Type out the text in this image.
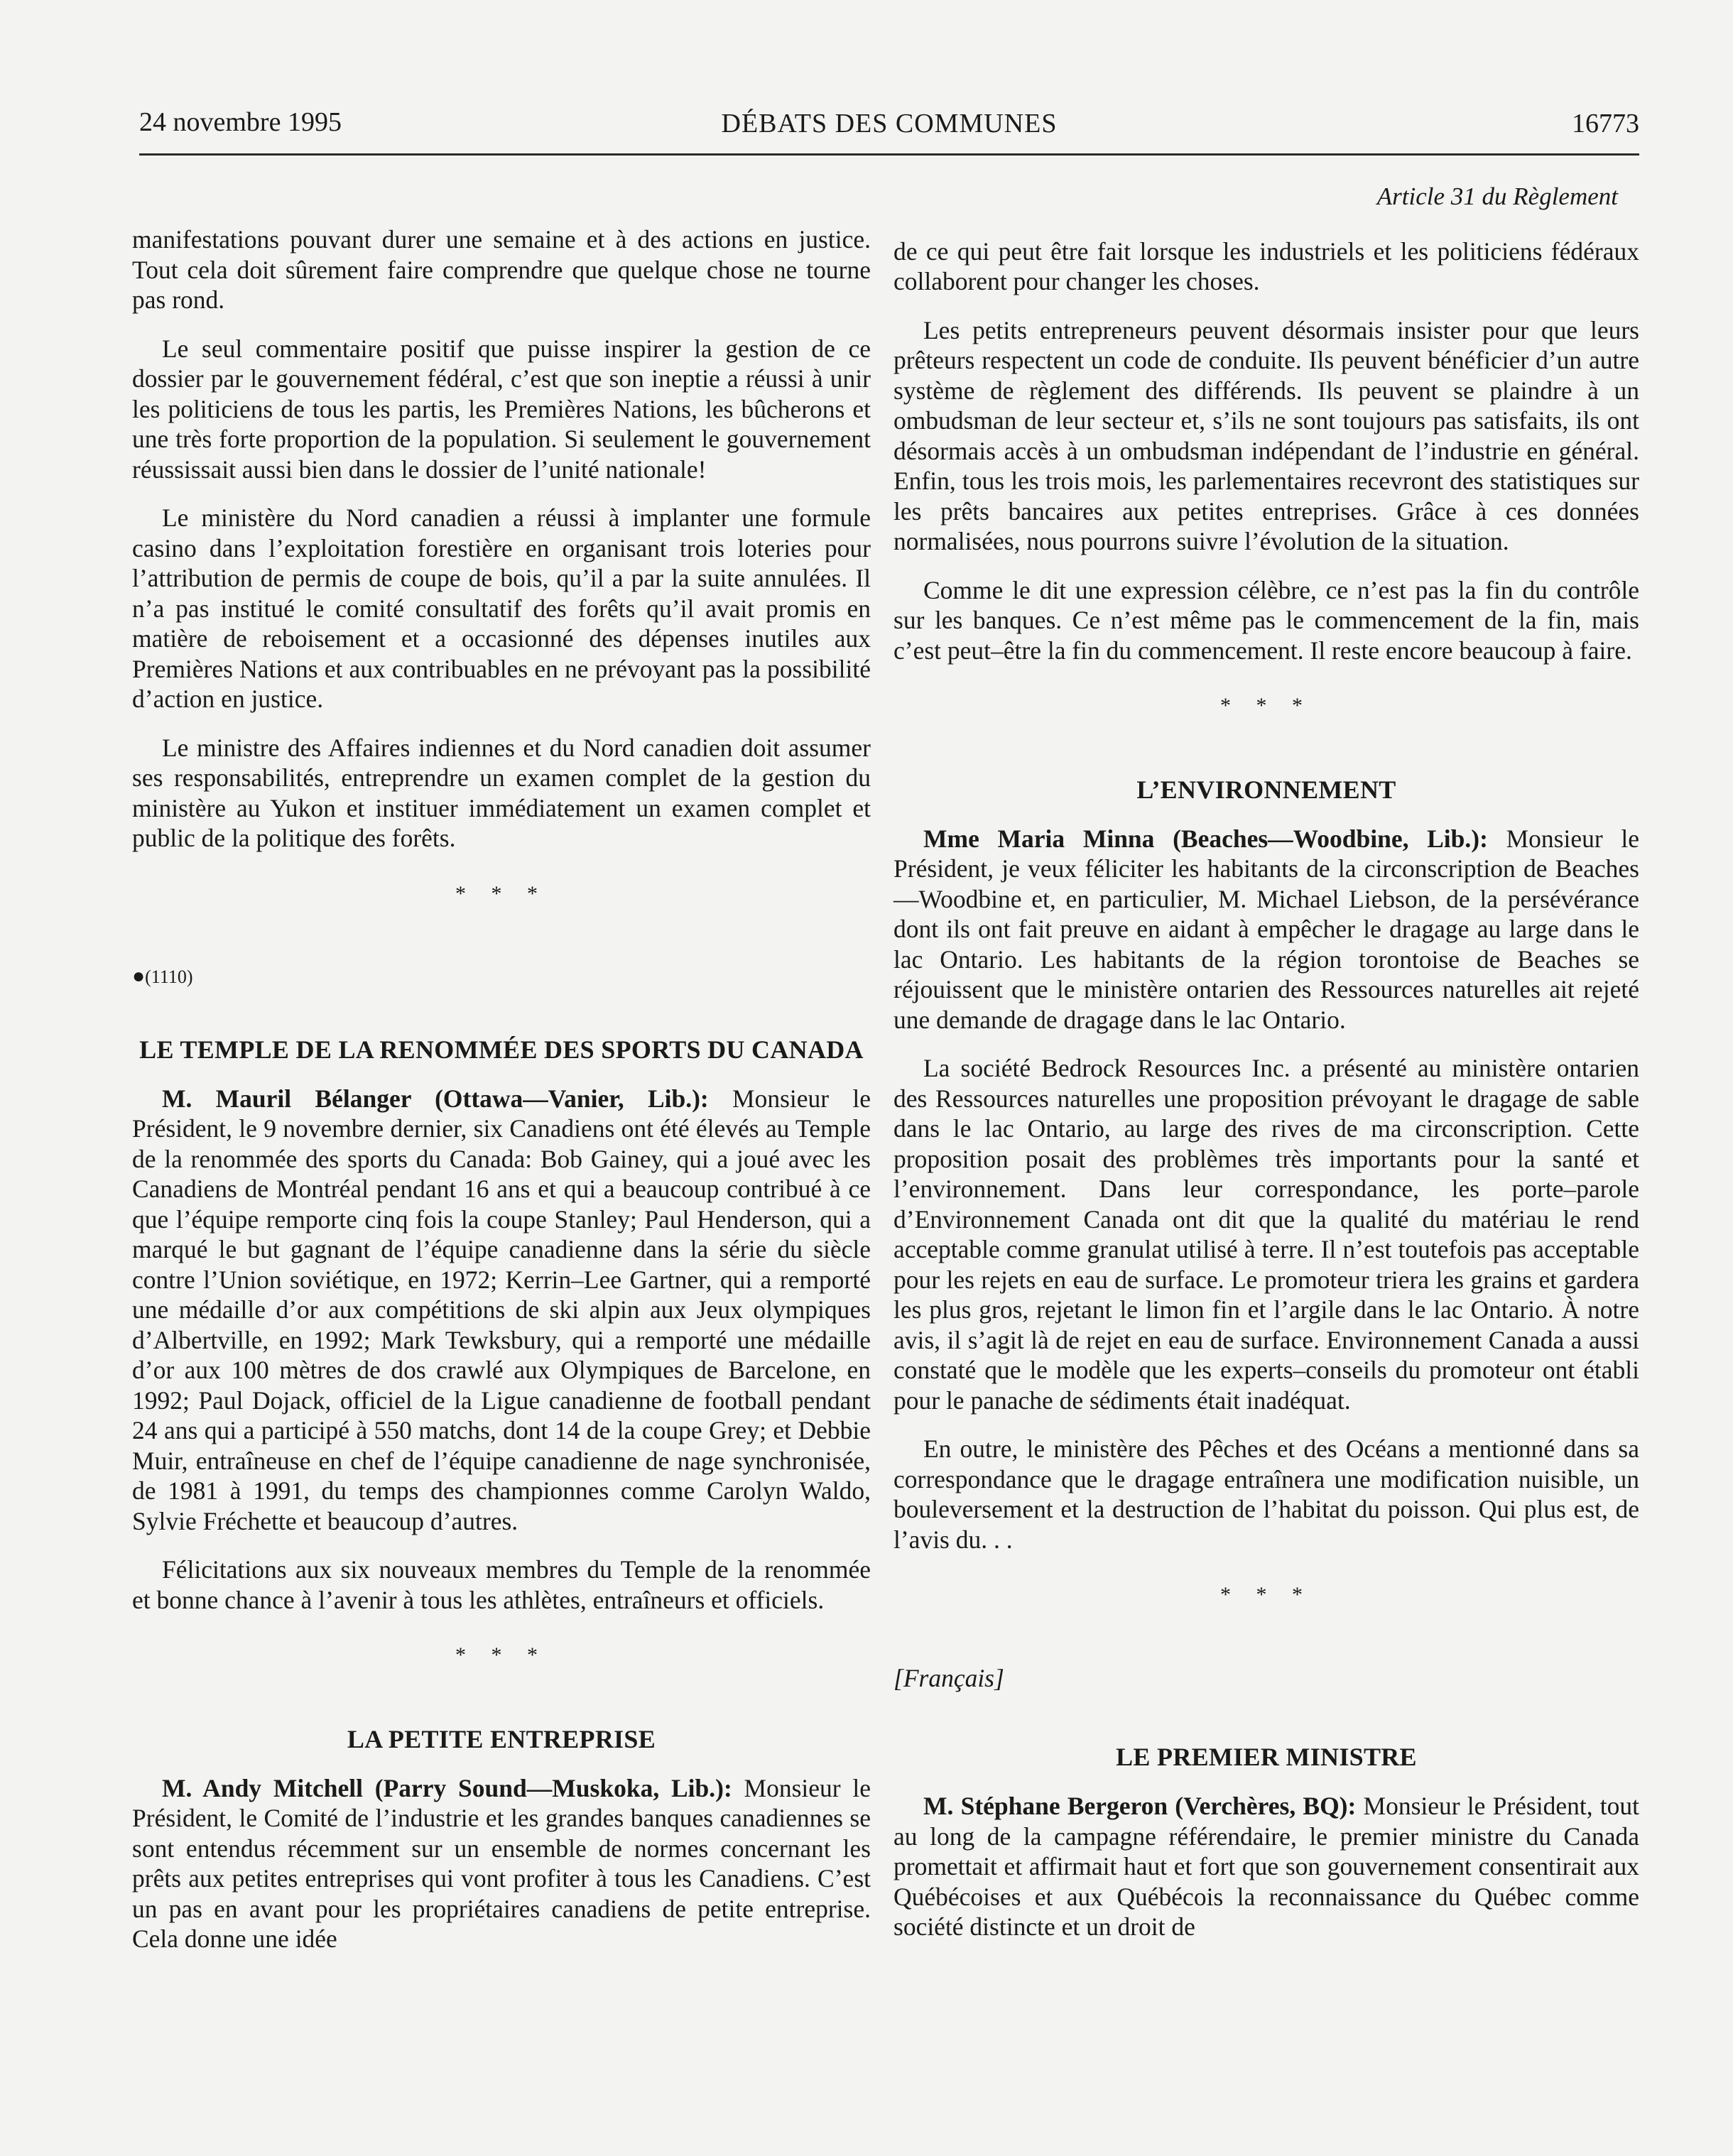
24 novembre 1995	DÉBATS DES COMMUNES	16773

manifestations pouvant durer une semaine et à des actions en justice. Tout cela doit sûrement faire comprendre que quelque chose ne tourne pas rond.

Le seul commentaire positif que puisse inspirer la gestion de ce dossier par le gouvernement fédéral, c’est que son ineptie a réussi à unir les politiciens de tous les partis, les Premières Nations, les bûcherons et une très forte proportion de la population. Si seulement le gouvernement réussissait aussi bien dans le dossier de l’unité nationale!

Le ministère du Nord canadien a réussi à implanter une formule casino dans l’exploitation forestière en organisant trois loteries pour l’attribution de permis de coupe de bois, qu’il a par la suite annulées. Il n’a pas institué le comité consultatif des forêts qu’il avait promis en matière de reboisement et a occasionné des dépenses inutiles aux Premières Nations et aux contribuables en ne prévoyant pas la possibilité d’action en justice.

Le ministre des Affaires indiennes et du Nord canadien doit assumer ses responsabilités, entreprendre un examen complet de la gestion du ministère au Yukon et instituer immédiatement un examen complet et public de la politique des forêts.

* * *
●(1110)
LE TEMPLE DE LA RENOMMÉE DES SPORTS DU CANADA

M. Mauril Bélanger (Ottawa—Vanier, Lib.): Monsieur le Président, le 9 novembre dernier, six Canadiens ont été élevés au Temple de la renommée des sports du Canada: Bob Gainey, qui a joué avec les Canadiens de Montréal pendant 16 ans et qui a beaucoup contribué à ce que l’équipe remporte cinq fois la coupe Stanley; Paul Henderson, qui a marqué le but gagnant de l’équipe canadienne dans la série du siècle contre l’Union soviétique, en 1972; Kerrin–Lee Gartner, qui a remporté une médaille d’or aux compétitions de ski alpin aux Jeux olympiques d’Albertville, en 1992; Mark Tewksbury, qui a remporté une médaille d’or aux 100 mètres de dos crawlé aux Olympiques de Barcelone, en 1992; Paul Dojack, officiel de la Ligue canadienne de football pendant 24 ans qui a participé à 550 matchs, dont 14 de la coupe Grey; et Debbie Muir, entraîneuse en chef de l’équipe canadienne de nage synchronisée, de 1981 à 1991, du temps des championnes comme Carolyn Waldo, Sylvie Fréchette et beaucoup d’autres.

Félicitations aux six nouveaux membres du Temple de la renommée et bonne chance à l’avenir à tous les athlètes, entraîneurs et officiels.

* * *
LA PETITE ENTREPRISE

M. Andy Mitchell (Parry Sound—Muskoka, Lib.): Monsieur le Président, le Comité de l’industrie et les grandes banques canadiennes se sont entendus récemment sur un ensemble de normes concernant les prêts aux petites entreprises qui vont profiter à tous les Canadiens. C’est un pas en avant pour les propriétaires canadiens de petite entreprise. Cela donne une idée

Article 31 du Règlement

de ce qui peut être fait lorsque les industriels et les politiciens fédéraux collaborent pour changer les choses.

Les petits entrepreneurs peuvent désormais insister pour que leurs prêteurs respectent un code de conduite. Ils peuvent bénéficier d’un autre système de règlement des différends. Ils peuvent se plaindre à un ombudsman de leur secteur et, s’ils ne sont toujours pas satisfaits, ils ont désormais accès à un ombudsman indépendant de l’industrie en général. Enfin, tous les trois mois, les parlementaires recevront des statistiques sur les prêts bancaires aux petites entreprises. Grâce à ces données normalisées, nous pourrons suivre l’évolution de la situation.

Comme le dit une expression célèbre, ce n’est pas la fin du contrôle sur les banques. Ce n’est même pas le commencement de la fin, mais c’est peut–être la fin du commencement. Il reste encore beaucoup à faire.

* * *
L’ENVIRONNEMENT

Mme Maria Minna (Beaches—Woodbine, Lib.): Monsieur le Président, je veux féliciter les habitants de la circonscription de Beaches—Woodbine et, en particulier, M. Michael Liebson, de la persévérance dont ils ont fait preuve en aidant à empêcher le dragage au large dans le lac Ontario. Les habitants de la région torontoise de Beaches se réjouissent que le ministère ontarien des Ressources naturelles ait rejeté une demande de dragage dans le lac Ontario.

La société Bedrock Resources Inc. a présenté au ministère ontarien des Ressources naturelles une proposition prévoyant le dragage de sable dans le lac Ontario, au large des rives de ma circonscription. Cette proposition posait des problèmes très importants pour la santé et l’environnement. Dans leur correspondance, les porte–parole d’Environnement Canada ont dit que la qualité du matériau le rend acceptable comme granulat utilisé à terre. Il n’est toutefois pas acceptable pour les rejets en eau de surface. Le promoteur triera les grains et gardera les plus gros, rejetant le limon fin et l’argile dans le lac Ontario. À notre avis, il s’agit là de rejet en eau de surface. Environnement Canada a aussi constaté que le modèle que les experts–conseils du promoteur ont établi pour le panache de sédiments était inadéquat.

En outre, le ministère des Pêches et des Océans a mentionné dans sa correspondance que le dragage entraînera une modification nuisible, un bouleversement et la destruction de l’habitat du poisson. Qui plus est, de l’avis du. . .

* * *
[Français]
LE PREMIER MINISTRE

M. Stéphane Bergeron (Verchères, BQ): Monsieur le Président, tout au long de la campagne référendaire, le premier ministre du Canada promettait et affirmait haut et fort que son gouvernement consentirait aux Québécoises et aux Québécois la reconnaissance du Québec comme société distincte et un droit de
